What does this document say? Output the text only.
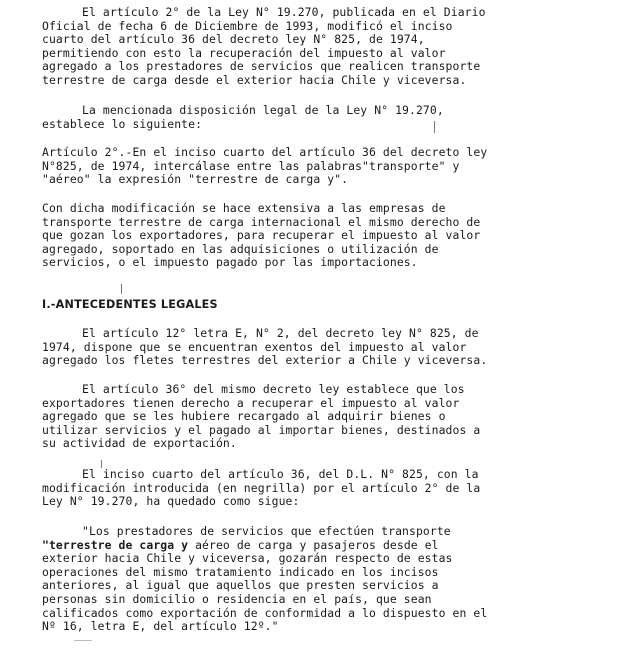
El artículo 2° de la Ley N° 19.270, publicada en el Diario
Oficial de fecha 6 de Diciembre de 1993, modificó el inciso
cuarto del artículo 36 del decreto ley N° 825, de 1974,
permitiendo con esto la recuperación del impuesto al valor
agregado a los prestadores de servicios que realicen transporte
terrestre de carga desde el exterior hacia Chile y viceversa.
La mencionada disposición legal de la Ley N° 19.270,
establece lo siguiente:
Artículo 2°.-En el inciso cuarto del artículo 36 del decreto ley
N°825, de 1974, intercálase entre las palabras"transporte" y
"aéreo" la expresión "terrestre de carga y".
Con dicha modificación se hace extensiva a las empresas de
transporte terrestre de carga internacional el mismo derecho de
que gozan los exportadores, para recuperar el impuesto al valor
agregado, soportado en las adquisiciones o utilización de
servicios, o el impuesto pagado por las importaciones.
I.-ANTECEDENTES LEGALES
El artículo 12° letra E, N° 2, del decreto ley N° 825, de
1974, dispone que se encuentran exentos del impuesto al valor
agregado los fletes terrestres del exterior a Chile y viceversa.
El artículo 36° del mismo decreto ley establece que los
exportadores tienen derecho a recuperar el impuesto al valor
agregado que se les hubiere recargado al adquirir bienes o
utilizar servicios y el pagado al importar bienes, destinados a
su actividad de exportación.
El inciso cuarto del artículo 36, del D.L. N° 825, con la
modificación introducida (en negrilla) por el artículo 2° de la
Ley N° 19.270, ha quedado como sigue:
"Los prestadores de servicios que efectúen transporte
"terrestre de carga y aéreo de carga y pasajeros desde el
exterior hacia Chile y viceversa, gozarán respecto de estas
operaciones del mismo tratamiento indicado en los incisos
anteriores, al igual que aquellos que presten servicios a
personas sin domicilio o residencia en el país, que sean
calificados como exportación de conformidad a lo dispuesto en el
Nº 16, letra E, del artículo 12º."
